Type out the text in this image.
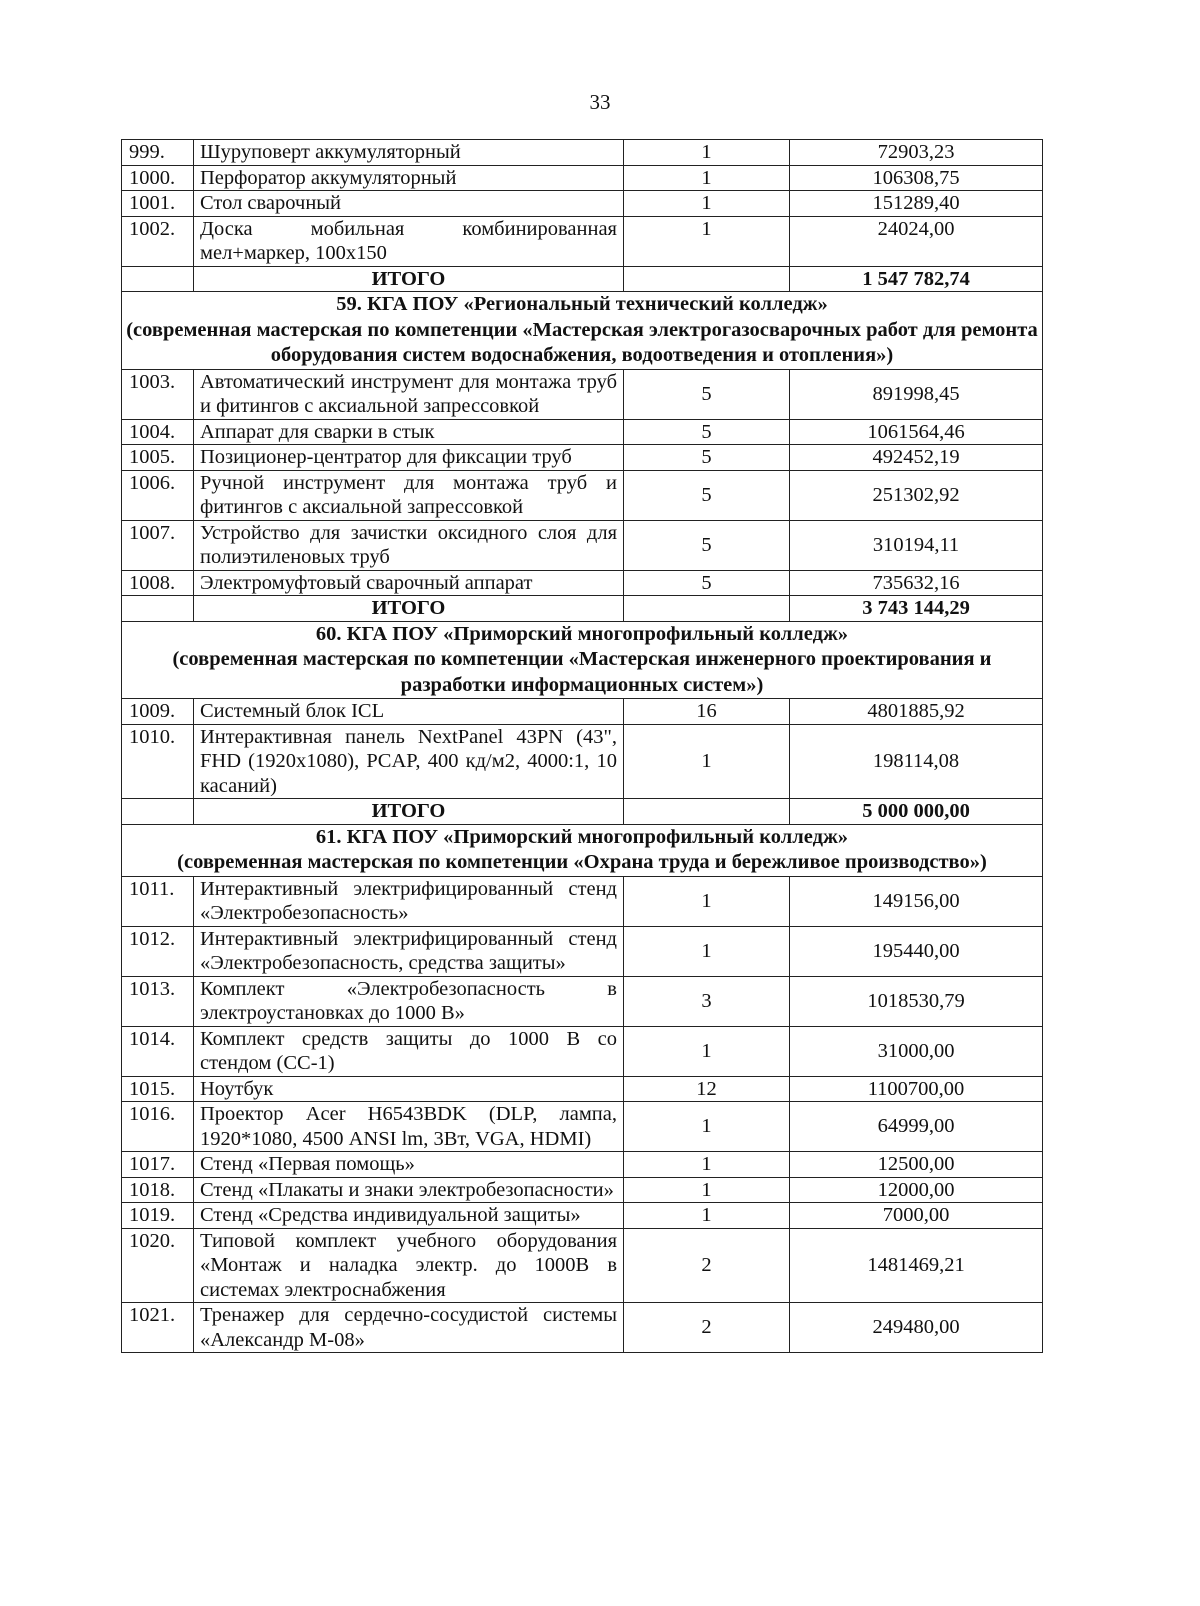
33
999.	Шуруповерт аккумуляторный	1	72903,23
1000.	Перфоратор аккумуляторный	1	106308,75
1001.	Стол сварочный	1	151289,40
1002.	Доска мобильная комбинированная мел+маркер, 100х150	1	24024,00
	ИТОГО		1 547 782,74

59. КГА ПОУ «Региональный технический колледж»
(современная мастерская по компетенции «Мастерская электрогазосварочных работ для ремонта оборудования систем водоснабжения, водоотведения и отопления»)			

1003.	Автоматический инструмент для монтажа труб и фитингов с аксиальной запрессовкой	5	891998,45
1004.	Аппарат для сварки в стык	5	1061564,46
1005.	Позиционер-центратор для фиксации труб	5	492452,19
1006.	Ручной инструмент для монтажа труб и фитингов с аксиальной запрессовкой	5	251302,92
1007.	Устройство для зачистки оксидного слоя для полиэтиленовых труб	5	310194,11
1008.	Электромуфтовый сварочный аппарат	5	735632,16
	ИТОГО		3 743 144,29

60. КГА ПОУ «Приморский многопрофильный колледж»
(современная мастерская по компетенции «Мастерская инженерного проектирования и разработки информационных систем»)			

1009.	Системный блок ICL	16	4801885,92
1010.	Интерактивная панель NextPanel 43PN (43", FHD (1920x1080), PCAP, 400 кд/м2, 4000:1, 10 касаний)	1	198114,08
	ИТОГО		5 000 000,00

61. КГА ПОУ «Приморский многопрофильный колледж»
(современная мастерская по компетенции «Охрана труда и бережливое производство»)			

1011.	Интерактивный электрифицированный стенд «Электробезопасность»	1	149156,00
1012.	Интерактивный электрифицированный стенд «Электробезопасность, средства защиты»	1	195440,00
1013.	Комплект «Электробезопасность в электроустановках до 1000 В»	3	1018530,79
1014.	Комплект средств защиты до 1000 В со стендом (СС-1)	1	31000,00
1015.	Ноутбук	12	1100700,00
1016.	Проектор Acer H6543BDK (DLP, лампа, 1920*1080, 4500 ANSI lm, 3Вт, VGA, HDMI)	1	64999,00
1017.	Стенд «Первая помощь»	1	12500,00
1018.	Стенд «Плакаты и знаки электробезопасности»	1	12000,00
1019.	Стенд «Средства индивидуальной защиты»	1	7000,00
1020.	Типовой комплект учебного оборудования «Монтаж и наладка электр. до 1000В в системах электроснабжения	2	1481469,21
1021.	Тренажер для сердечно-сосудистой системы «Александр М-08»	2	249480,00
